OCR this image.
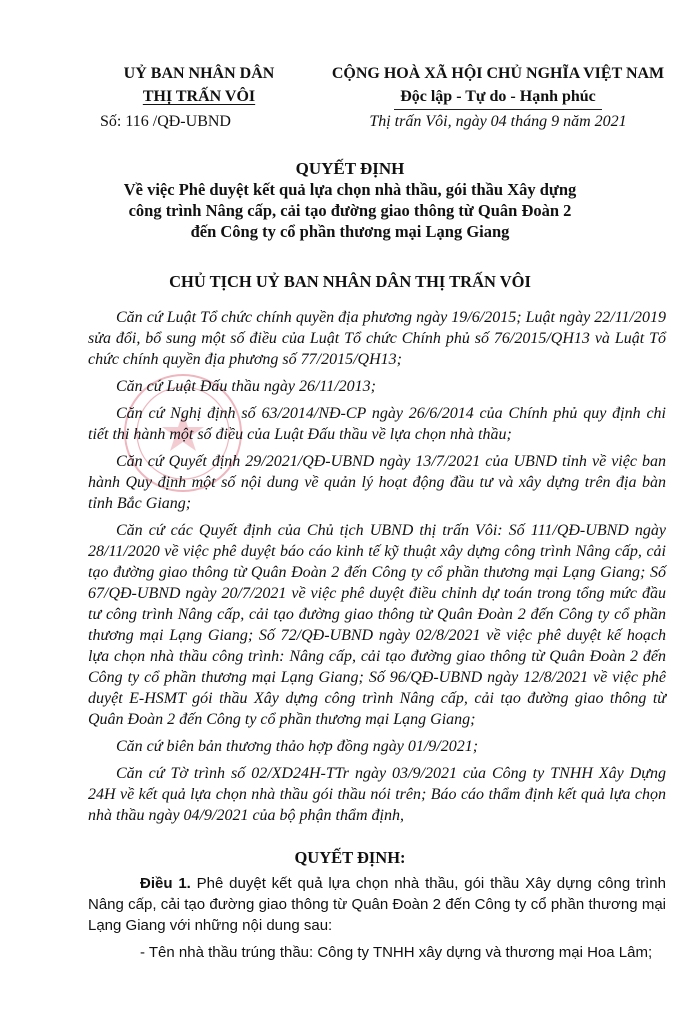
UỶ BAN NHÂN DÂN
THỊ TRẤN VÔI
CỘNG HOÀ XÃ HỘI CHỦ NGHĨA VIỆT NAM
Độc lập - Tự do - Hạnh phúc
Số: 116 /QĐ-UBND	Thị trấn Vôi, ngày 04 tháng 9 năm 2021
QUYẾT ĐỊNH
Về việc Phê duyệt kết quả lựa chọn nhà thầu, gói thầu Xây dựng
công trình Nâng cấp, cải tạo đường giao thông từ Quân Đoàn 2
đến Công ty cổ phần thương mại Lạng Giang
CHỦ TỊCH UỶ BAN NHÂN DÂN THỊ TRẤN VÔI

Căn cứ Luật Tổ chức chính quyền địa phương ngày 19/6/2015; Luật ngày 22/11/2019 sửa đổi, bổ sung một số điều của Luật Tổ chức Chính phủ số 76/2015/QH13 và Luật Tổ chức chính quyền địa phương số 77/2015/QH13;

Căn cứ Luật Đấu thầu ngày 26/11/2013;

Căn cứ Nghị định số 63/2014/NĐ-CP ngày 26/6/2014 của Chính phủ quy định chi tiết thi hành một số điều của Luật Đấu thầu về lựa chọn nhà thầu;

Căn cứ Quyết định 29/2021/QĐ-UBND ngày 13/7/2021 của UBND tỉnh về việc ban hành Quy định một số nội dung về quản lý hoạt động đầu tư và xây dựng trên địa bàn tỉnh Bắc Giang;

Căn cứ các Quyết định của Chủ tịch UBND thị trấn Vôi: Số 111/QĐ-UBND ngày 28/11/2020 về việc phê duyệt báo cáo kinh tế kỹ thuật xây dựng công trình Nâng cấp, cải tạo đường giao thông từ Quân Đoàn 2 đến Công ty cổ phần thương mại Lạng Giang; Số 67/QĐ-UBND ngày 20/7/2021 về việc phê duyệt điều chỉnh dự toán trong tổng mức đầu tư công trình Nâng cấp, cải tạo đường giao thông từ Quân Đoàn 2 đến Công ty cổ phần thương mại Lạng Giang; Số 72/QĐ-UBND ngày 02/8/2021 về việc phê duyệt kế hoạch lựa chọn nhà thầu công trình: Nâng cấp, cải tạo đường giao thông từ Quân Đoàn 2 đến Công ty cổ phần thương mại Lạng Giang; Số 96/QĐ-UBND ngày 12/8/2021 về việc phê duyệt E-HSMT gói thầu Xây dựng công trình Nâng cấp, cải tạo đường giao thông từ Quân Đoàn 2 đến Công ty cổ phần thương mại Lạng Giang;

Căn cứ biên bản thương thảo hợp đồng ngày 01/9/2021;

Căn cứ Tờ trình số 02/XD24H-TTr ngày 03/9/2021 của Công ty TNHH Xây Dựng 24H về kết quả lựa chọn nhà thầu gói thầu nói trên; Báo cáo thẩm định kết quả lựa chọn nhà thầu ngày 04/9/2021 của bộ phận thẩm định,

QUYẾT ĐỊNH:

Điều 1. Phê duyệt kết quả lựa chọn nhà thầu, gói thầu Xây dựng công trình Nâng cấp, cải tạo đường giao thông từ Quân Đoàn 2 đến Công ty cổ phần thương mại Lạng Giang với những nội dung sau:

- Tên nhà thầu trúng thầu: Công ty TNHH xây dựng và thương mại Hoa Lâm;
